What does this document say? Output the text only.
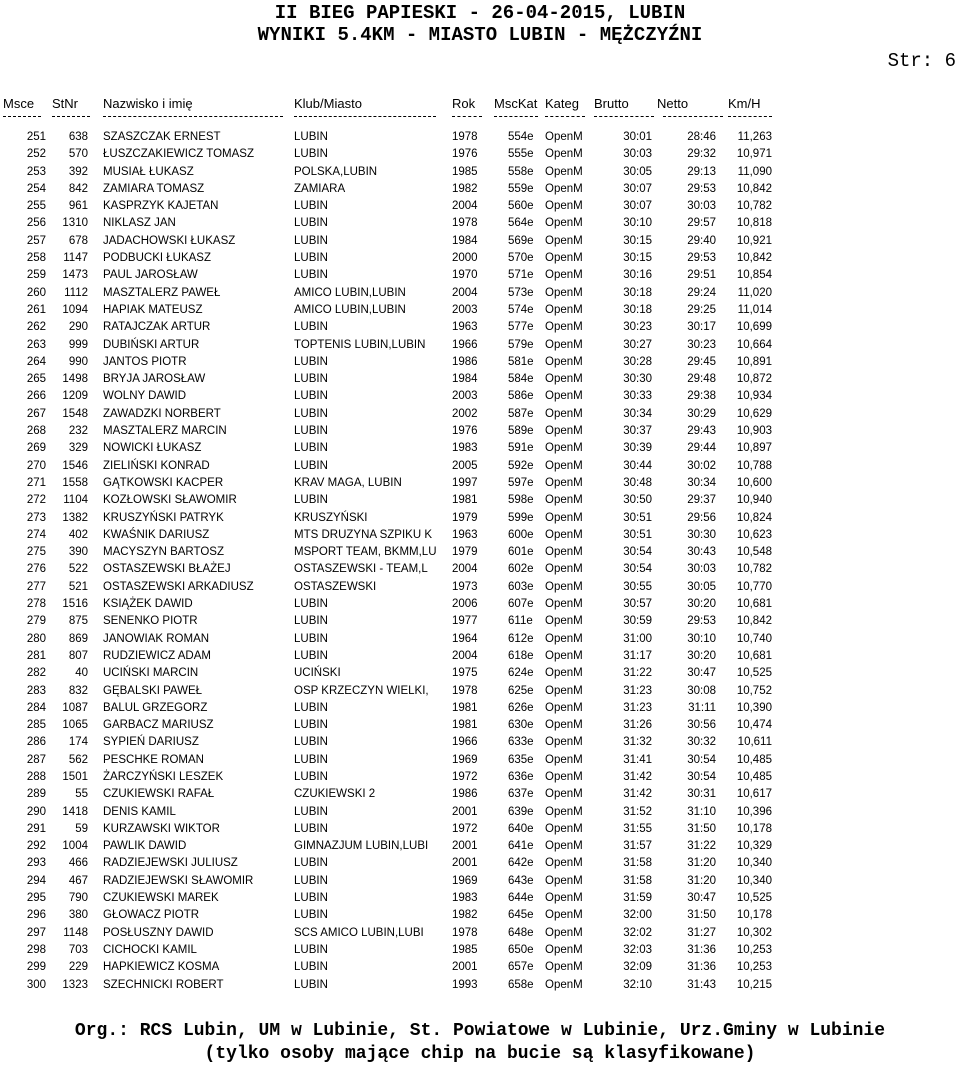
II BIEG PAPIESKI - 26-04-2015, LUBIN
WYNIKI 5.4KM - MIASTO LUBIN - MĘŻCZYŹNI
Str: 6
Msce StNr Nazwisko i imię	Klub/Miasto	Rok MscKat Kateg Brutto Netto	Km/H
251	638 SZASZCZAK ERNEST	LUBIN	1978	554e OpenM	30:01	28:46	11,263
252	570 ŁUSZCZAKIEWICZ TOMASZ	LUBIN	1976	555e OpenM	30:03	29:32	10,971
253	392 MUSIAŁ ŁUKASZ	POLSKA,LUBIN	1985	558e OpenM	30:05	29:13	11,090
254	842 ZAMIARA TOMASZ	ZAMIARA	1982	559e OpenM	30:07	29:53	10,842
255	961 KASPRZYK KAJETAN	LUBIN	2004	560e OpenM	30:07	30:03	10,782
256	1310 NIKLASZ JAN	LUBIN	1978	564e OpenM	30:10	29:57	10,818
257	678 JADACHOWSKI ŁUKASZ	LUBIN	1984	569e OpenM	30:15	29:40	10,921
258	1147 PODBUCKI ŁUKASZ	LUBIN	2000	570e OpenM	30:15	29:53	10,842
259	1473 PAUL JAROSŁAW	LUBIN	1970	571e OpenM	30:16	29:51	10,854
260	1112 MASZTALERZ PAWEŁ	AMICO LUBIN,LUBIN	2004	573e OpenM	30:18	29:24	11,020
261	1094 HAPIAK MATEUSZ	AMICO LUBIN,LUBIN	2003	574e OpenM	30:18	29:25	11,014
262	290 RATAJCZAK ARTUR	LUBIN	1963	577e OpenM	30:23	30:17	10,699
263	999 DUBIŃSKI ARTUR	TOPTENIS LUBIN,LUBIN	1966	579e OpenM	30:27	30:23	10,664
264	990 JANTOS PIOTR	LUBIN	1986	581e OpenM	30:28	29:45	10,891
265	1498 BRYJA JAROSŁAW	LUBIN	1984	584e OpenM	30:30	29:48	10,872
266	1209 WOLNY DAWID	LUBIN	2003	586e OpenM	30:33	29:38	10,934
267	1548 ZAWADZKI NORBERT	LUBIN	2002	587e OpenM	30:34	30:29	10,629
268	232 MASZTALERZ MARCIN	LUBIN	1976	589e OpenM	30:37	29:43	10,903
269	329 NOWICKI ŁUKASZ	LUBIN	1983	591e OpenM	30:39	29:44	10,897
270	1546 ZIELIŃSKI KONRAD	LUBIN	2005	592e OpenM	30:44	30:02	10,788
271	1558 GĄTKOWSKI KACPER	KRAV MAGA, LUBIN	1997	597e OpenM	30:48	30:34	10,600
272	1104 KOZŁOWSKI SŁAWOMIR	LUBIN	1981	598e OpenM	30:50	29:37	10,940
273	1382 KRUSZYŃSKI PATRYK	KRUSZYŃSKI	1979	599e OpenM	30:51	29:56	10,824
274	402 KWAŚNIK DARIUSZ	MTS DRUZYNA SZPIKU K	1963	600e OpenM	30:51	30:30	10,623
275	390 MACYSZYN BARTOSZ	MSPORT TEAM, BKMM,LU	1979	601e OpenM	30:54	30:43	10,548
276	522 OSTASZEWSKI BŁAŻEJ	OSTASZEWSKI - TEAM,L	2004	602e OpenM	30:54	30:03	10,782
277	521 OSTASZEWSKI ARKADIUSZ	OSTASZEWSKI	1973	603e OpenM	30:55	30:05	10,770
278	1516 KSIĄŻEK DAWID	LUBIN	2006	607e OpenM	30:57	30:20	10,681
279	875 SENENKO PIOTR	LUBIN	1977	611e	OpenM	30:59	29:53	10,842
280	869 JANOWIAK ROMAN	LUBIN	1964	612e OpenM	31:00	30:10	10,740
281	807 RUDZIEWICZ ADAM	LUBIN	2004	618e OpenM	31:17	30:20	10,681
282	40 UCIŃSKI MARCIN	UCIŃSKI	1975	624e OpenM	31:22	30:47	10,525
283	832 GĘBALSKI PAWEŁ	OSP KRZECZYN WIELKI,	1978	625e OpenM	31:23	30:08	10,752
284	1087 BALUL GRZEGORZ	LUBIN	1981	626e OpenM	31:23	31:11	10,390
285	1065 GARBACZ MARIUSZ	LUBIN	1981	630e OpenM	31:26	30:56	10,474
286	174 SYPIEŃ DARIUSZ	LUBIN	1966	633e OpenM	31:32	30:32	10,611
287	562 PESCHKE ROMAN	LUBIN	1969	635e OpenM	31:41	30:54	10,485
288	1501 ŻARCZYŃSKI LESZEK	LUBIN	1972	636e OpenM	31:42	30:54	10,485
289	55 CZUKIEWSKI RAFAŁ	CZUKIEWSKI 2	1986	637e OpenM	31:42	30:31	10,617
290	1418 DENIS KAMIL	LUBIN	2001	639e OpenM	31:52	31:10	10,396
291	59 KURZAWSKI WIKTOR	LUBIN	1972	640e OpenM	31:55	31:50	10,178
292	1004 PAWLIK DAWID	GIMNAZJUM LUBIN,LUBI	2001	641e OpenM	31:57	31:22	10,329
293	466 RADZIEJEWSKI JULIUSZ	LUBIN	2001	642e OpenM	31:58	31:20	10,340
294	467 RADZIEJEWSKI SŁAWOMIR	LUBIN	1969	643e OpenM	31:58	31:20	10,340
295	790 CZUKIEWSKI MAREK	LUBIN	1983	644e OpenM	31:59	30:47	10,525
296	380 GŁOWACZ PIOTR	LUBIN	1982	645e OpenM	32:00	31:50	10,178
297	1148 POSŁUSZNY DAWID	SCS AMICO LUBIN,LUBI	1978	648e OpenM	32:02	31:27	10,302
298	703 CICHOCKI KAMIL	LUBIN	1985	650e OpenM	32:03	31:36	10,253
299	229 HAPKIEWICZ KOSMA	LUBIN	2001	657e OpenM	32:09	31:36	10,253
300	1323 SZECHNICKI ROBERT	LUBIN	1993	658e OpenM	32:10	31:43	10,215
Org.: RCS Lubin, UM w Lubinie, St. Powiatowe w Lubinie, Urz.Gminy w Lubinie
(tylko osoby mające chip na bucie są klasyfikowane)
